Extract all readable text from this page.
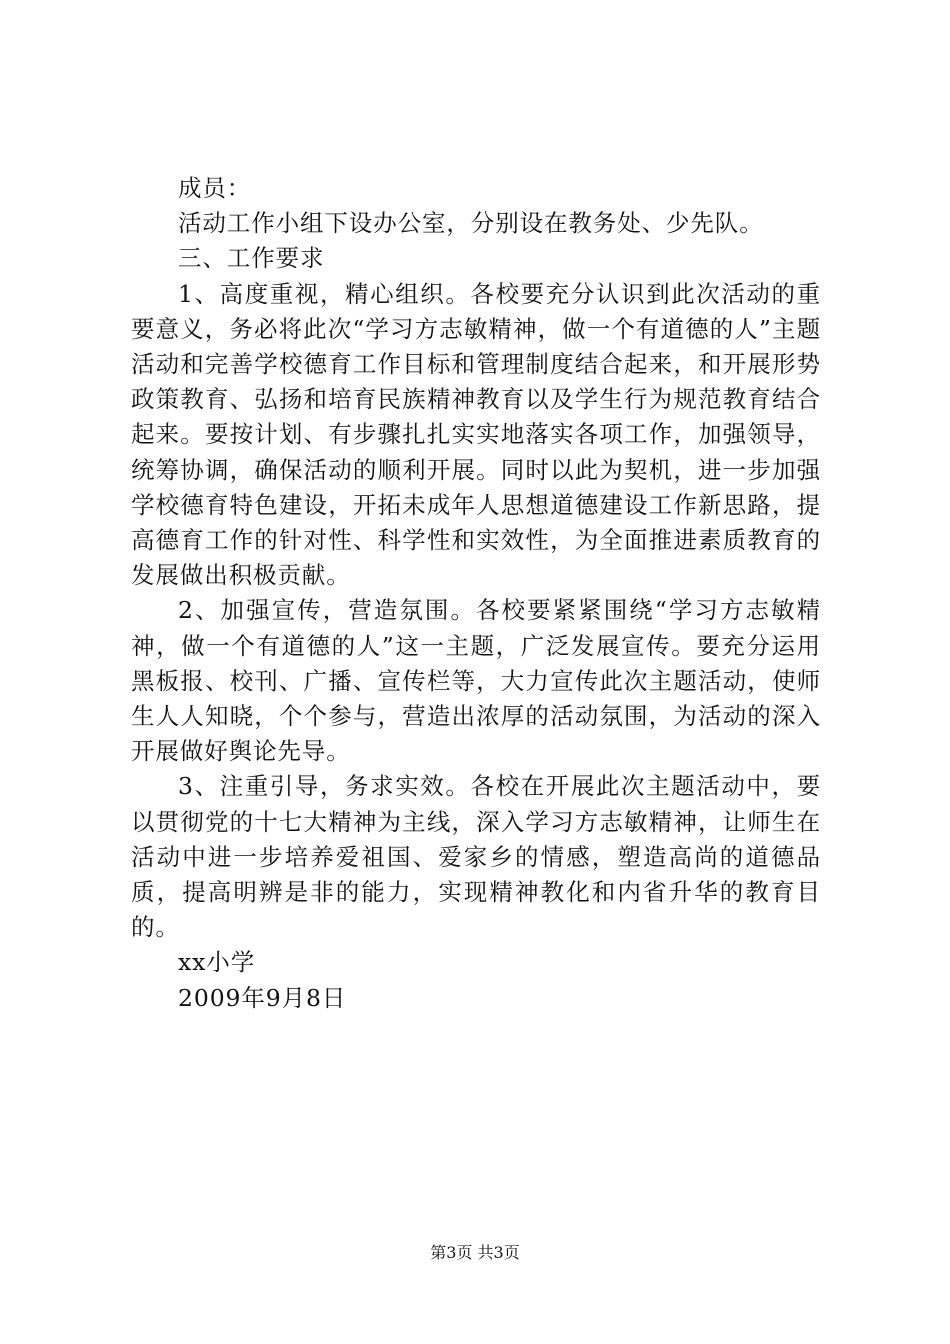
成员：

活动工作小组下设办公室，分别设在教务处、少先队。

三、工作要求

1、高度重视，精心组织。各校要充分认识到此次活动的重要意义，务必将此次“学习方志敏精神，做一个有道德的人”主题活动和完善学校德育工作目标和管理制度结合起来，和开展形势政策教育、弘扬和培育民族精神教育以及学生行为规范教育结合起来。要按计划、有步骤扎扎实实地落实各项工作，加强领导，统筹协调，确保活动的顺利开展。同时以此为契机，进一步加强学校德育特色建设，开拓未成年人思想道德建设工作新思路，提高德育工作的针对性、科学性和实效性，为全面推进素质教育的发展做出积极贡献。

2、加强宣传，营造氛围。各校要紧紧围绕“学习方志敏精神，做一个有道德的人”这一主题，广泛发展宣传。要充分运用黑板报、校刊、广播、宣传栏等，大力宣传此次主题活动，使师生人人知晓，个个参与，营造出浓厚的活动氛围，为活动的深入开展做好舆论先导。

3、注重引导，务求实效。各校在开展此次主题活动中，要以贯彻党的十七大精神为主线，深入学习方志敏精神，让师生在活动中进一步培养爱祖国、爱家乡的情感，塑造高尚的道德品质，提高明辨是非的能力，实现精神教化和内省升华的教育目的。

xx小学

2009年9月8日

第3页 共3页
